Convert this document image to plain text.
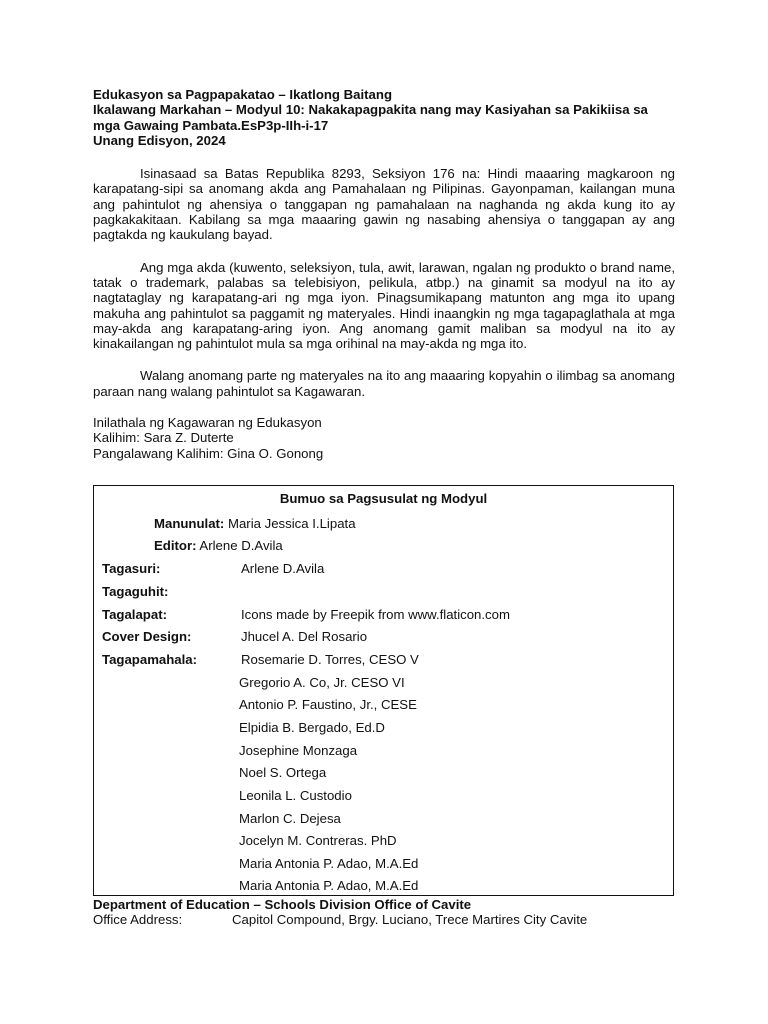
Edukasyon sa Pagpapakatao – Ikatlong Baitang

Ikalawang Markahan – Modyul 10: Nakakapagpakita nang may Kasiyahan sa Pakikiisa sa mga Gawaing Pambata.EsP3p-IIh-i-17

Unang Edisyon, 2024

Isinasaad sa Batas Republika 8293, Seksiyon 176 na: Hindi maaaring magkaroon ng karapatang-sipi sa anomang akda ang Pamahalaan ng Pilipinas. Gayonpaman, kailangan muna ang pahintulot ng ahensiya o tanggapan ng pamahalaan na naghanda ng akda kung ito ay pagkakakitaan. Kabilang sa mga maaaring gawin ng nasabing ahensiya o tanggapan ay ang pagtakda ng kaukulang bayad.

Ang mga akda (kuwento, seleksiyon, tula, awit, larawan, ngalan ng produkto o brand name, tatak o trademark, palabas sa telebisiyon, pelikula, atbp.) na ginamit sa modyul na ito ay nagtataglay ng karapatang-ari ng mga iyon. Pinagsumikapang matunton ang mga ito upang makuha ang pahintulot sa paggamit ng materyales. Hindi inaangkin ng mga tagapaglathala at mga may-akda ang karapatang-aring iyon. Ang anomang gamit maliban sa modyul na ito ay kinakailangan ng pahintulot mula sa mga orihinal na may-akda ng mga ito.

Walang anomang parte ng materyales na ito ang maaaring kopyahin o ilimbag sa anomang paraan nang walang pahintulot sa Kagawaran.

Inilathala ng Kagawaran ng Edukasyon

Kalihim: Sara Z. Duterte

Pangalawang Kalihim: Gina O. Gonong

Bumuo sa Pagsusulat ng Modyul
Manunulat: Maria Jessica I.Lipata
Editor: Arlene D.Avila
Tagasuri:	Arlene D.Avila
Tagaguhit:
Tagalapat:	Icons made by Freepik from www.flaticon.com
Cover Design:	Jhucel A. Del Rosario
Tagapamahala:	Rosemarie D. Torres, CESO V
Gregorio A. Co, Jr. CESO VI
Antonio P. Faustino, Jr., CESE
Elpidia B. Bergado, Ed.D
Josephine Monzaga
Noel S. Ortega
Leonila L. Custodio
Marlon C. Dejesa
Jocelyn M. Contreras. PhD
Maria Antonia P. Adao, M.A.Ed
Maria Antonia P. Adao, M.A.Ed

Department of Education – Schools Division Office of Cavite

Office Address:	Capitol Compound, Brgy. Luciano, Trece Martires City Cavite
